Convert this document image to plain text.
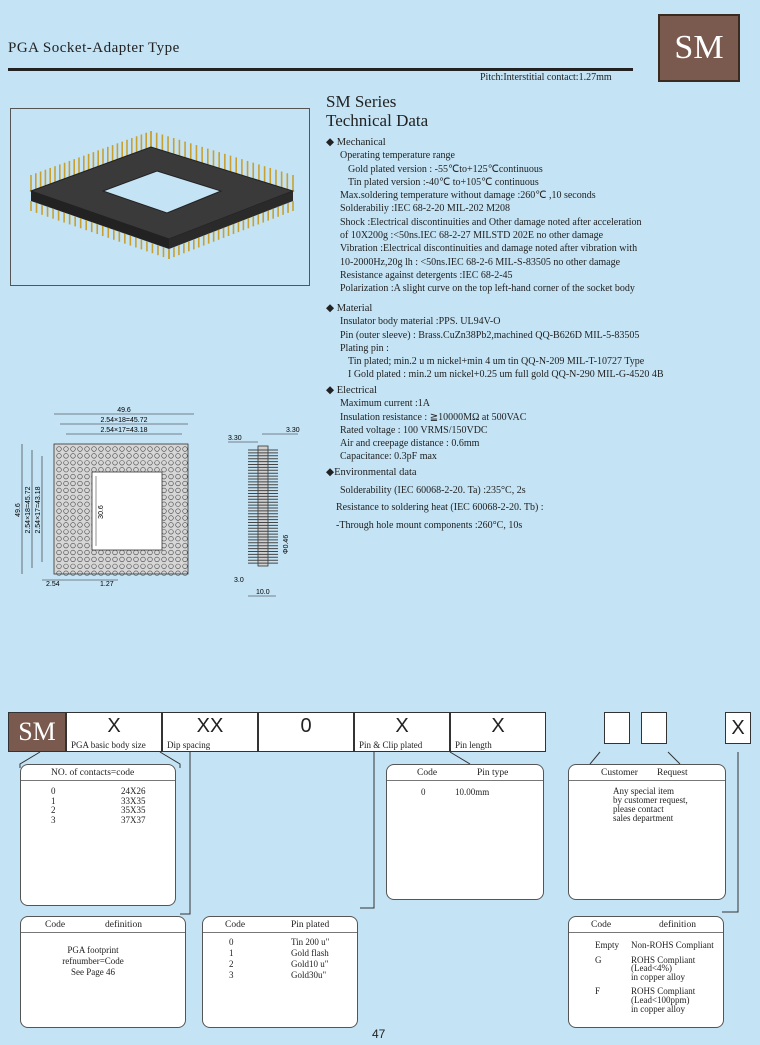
PGA Socket-Adapter Type	SM
Pitch:Interstitial contact:1.27mm
SM Series
Technical Data
◆ Mechanical
Operating temperature range
Gold plated version : -55℃to+125℃continuous
Tin plated version :-40℃ to+105℃ continuous
Max.soldering temperature without damage :260℃ ,10 seconds
Solderabiliy :IEC 68-2-20 MIL-202 M208
Shock :Electrical discontinuities and Other damage noted after acceleration
of 10X200g :<50ns.IEC 68-2-27 MILSTD 202E no other damage
Vibration :Electrical discontinuities and damage noted after vibration with
10-2000Hz,20g lh : <50ns.IEC 68-2-6 MIL-S-83505 no other damage
Resistance against detergents :IEC 68-2-45
Polarization :A slight curve on the top left-hand corner of the socket body
◆ Material
Insulator body material :PPS. UL94V-O
Pin (outer sleeve) : Brass.CuZn38Pb2,machined QQ-B626D MIL-5-83505
Plating pin :
Tin plated; min.2 u m nickel+min 4 um tin QQ-N-209 MIL-T-10727 Type
I Gold plated : min.2 um nickel+0.25 um full gold QQ-N-290 MIL-G-4520 4B
◆ Electrical
Maximum current :1A
Insulation resistance : ≧10000MΩ at 500VAC
Rated voltage : 100 VRMS/150VDC
Air and creepage distance : 0.6mm
Capacitance: 0.3pF max
◆Environmental data
Solderability (IEC 60068-2-20. Ta) :235°C, 2s
Resistance to soldering heat (IEC 60068-2-20. Tb) :
-Through hole mount components :260°C, 10s
49.6
2.54×18=45.72
2.54×17=43.18
49.6 2.54×18=45.72 2.54×17=43.18	30.6
2.54	1.27
3.30
3.30
Φ0.46
3.0
10.0
SM	X
PGA basic body size
XX
Dip spacing
0	X
Pin & Clip plated
X
Pin length
X
NO. of contacts=code
0	24X26
1	33X35
2	35X35
3	37X37
Code	Pin type
0	10.00mm
Customer	Request
Any special item
by customer request,
please contact
sales department
Code	definition
PGA footprint
refnumber=Code
See Page 46
Code	Pin plated
0	Tin 200 u"
1	Gold flash
2	Gold10 u"
3	Gold30u"
Code	definition
Empty	Non-ROHS Compliant

G	ROHS Compliant
(Lead<4%)
in copper alloy

F	ROHS Compliant
(Lead<100ppm)
in copper alloy
47
